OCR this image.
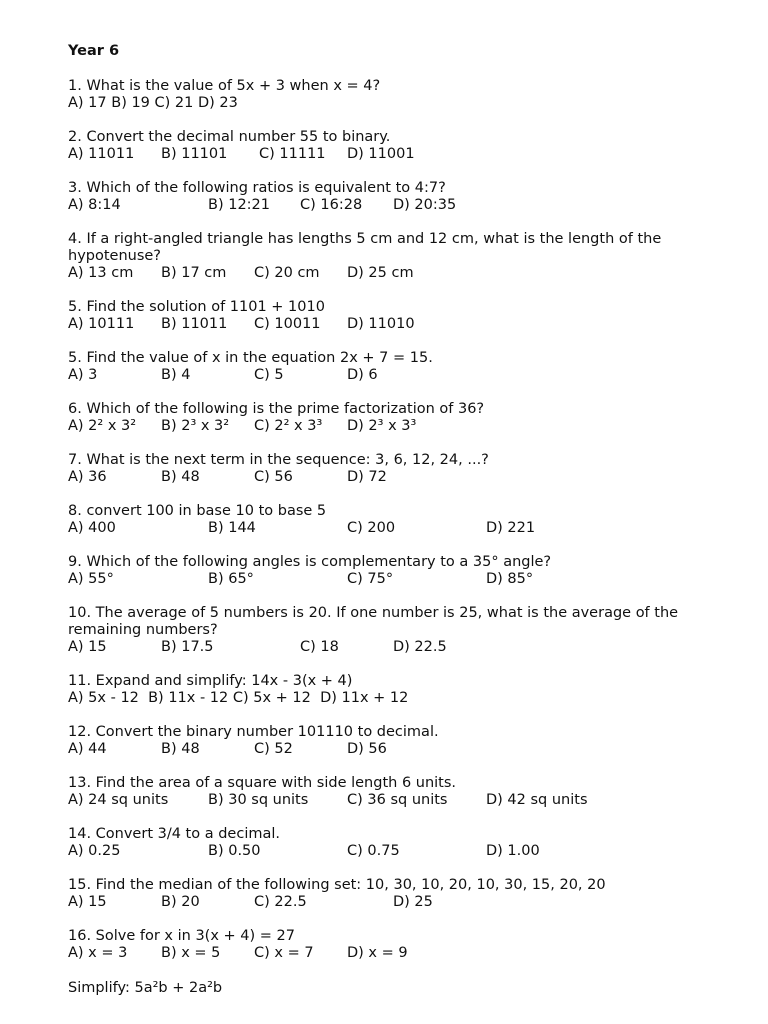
Year 6
1. What is the value of 5x + 3 when x = 4?
A) 17 B) 19 C) 21 D) 23
2. Convert the decimal number 55 to binary.
A) 11011 B) 11101 C) 11111 D) 11001
3. Which of the following ratios is equivalent to 4:7?
A) 8:14	B) 12:21 C) 16:28 D) 20:35
4. If a right-angled triangle has lengths 5 cm and 12 cm, what is the length of the hypotenuse?
A) 13 cm B) 17 cm C) 20 cm D) 25 cm
5. Find the solution of 1101 + 1010
A) 10111 B) 11011 C) 10011 D) 11010
5. Find the value of x in the equation 2x + 7 = 15.
A) 3	B) 4	C) 5	D) 6
6. Which of the following is the prime factorization of 36?
A) 2² x 3² B) 2³ x 3² C) 2² x 3³ D) 2³ x 3³
7. What is the next term in the sequence: 3, 6, 12, 24, ...?
A) 36	B) 48	C) 56	D) 72
8. convert 100 in base 10 to base 5
A) 400	B) 144	C) 200	D) 221
9. Which of the following angles is complementary to a 35° angle?
A) 55°	B) 65°	C) 75°	D) 85°
10. The average of 5 numbers is 20. If one number is 25, what is the average of the remaining numbers?
A) 15	B) 17.5	C) 18	D) 22.5
11. Expand and simplify: 14x - 3(x + 4)
A) 5x - 12  B) 11x - 12 C) 5x + 12  D) 11x + 12
12. Convert the binary number 101110 to decimal.
A) 44	B) 48	C) 52	D) 56
13. Find the area of a square with side length 6 units.
A) 24 sq units	B) 30 sq units	C) 36 sq units	D) 42 sq units
14. Convert 3/4 to a decimal.
A) 0.25	B) 0.50	C) 0.75	D) 1.00
15. Find the median of the following set: 10, 30, 10, 20, 10, 30, 15, 20, 20
A) 15	B) 20	C) 22.5	D) 25
16. Solve for x in 3(x + 4) = 27
A) x = 3 B) x = 5 C) x = 7 D) x = 9
Simplify: 5a²b + 2a²b
